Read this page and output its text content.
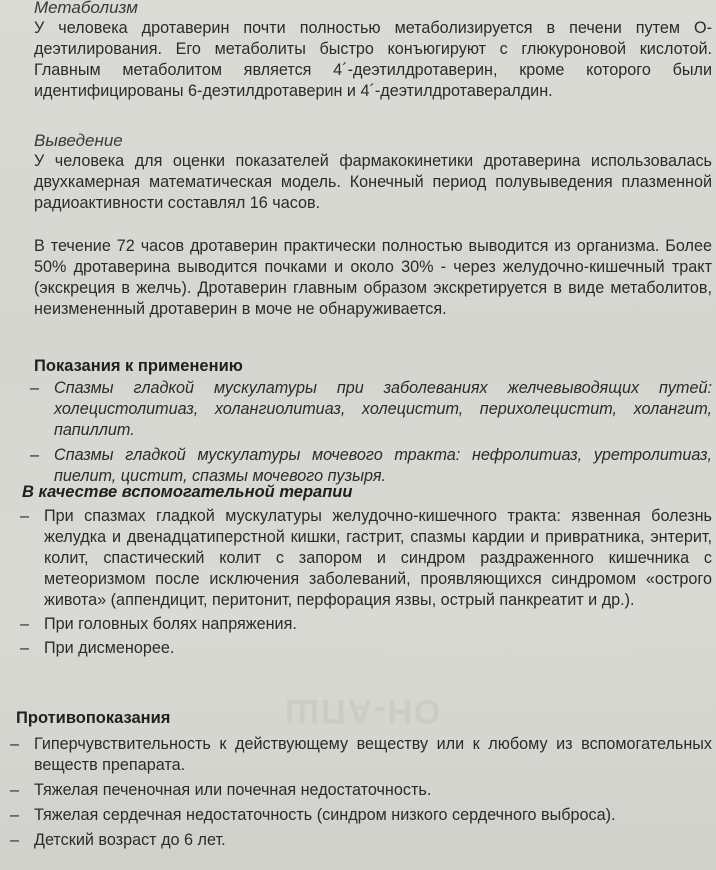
ШПА-НО
Метаболизм

У человека дротаверин почти полностью метаболизируется в печени путем О-деэтилирования. Его метаболиты быстро конъюгируют с глюкуроновой кислотой. Главным метаболитом является 4´-деэтилдротаверин, кроме которого были идентифицированы 6-деэтилдротаверин и 4´-деэтилдротавералдин.

Выведение

У человека для оценки показателей фармакокинетики дротаверина использовалась двухкамерная математическая модель. Конечный период полувыведения плазменной радиоактивности составлял 16 часов.

В течение 72 часов дротаверин практически полностью выводится из организма. Более 50% дротаверина выводится почками и около 30% - через желудочно-кишечный тракт (экскреция в желчь). Дротаверин главным образом экскретируется в виде метаболитов, неизмененный дротаверин в моче не обнаруживается.

Показания к применению
– Спазмы гладкой мускулатуры при заболеваниях желчевыводящих путей: холецистолитиаз, холангиолитиаз, холецистит, перихолецистит, холангит, папиллит.
– Спазмы гладкой мускулатуры мочевого тракта: нефролитиаз, уретролитиаз, пиелит, цистит, спазмы мочевого пузыря.
В качестве вспомогательной терапии
– При спазмах гладкой мускулатуры желудочно-кишечного тракта: язвенная болезнь желудка и двенадцатиперстной кишки, гастрит, спазмы кардии и привратника, энтерит, колит, спастический колит с запором и синдром раздраженного кишечника с метеоризмом после исключения заболеваний, проявляющихся синдромом «острого живота» (аппендицит, перитонит, перфорация язвы, острый панкреатит и др.).
– При головных болях напряжения.
– При дисменорее.
Противопоказания
– Гиперчувствительность к действующему веществу или к любому из вспомогательных веществ препарата.
– Тяжелая печеночная или почечная недостаточность.
– Тяжелая сердечная недостаточность (синдром низкого сердечного выброса).
– Детский возраст до 6 лет.
